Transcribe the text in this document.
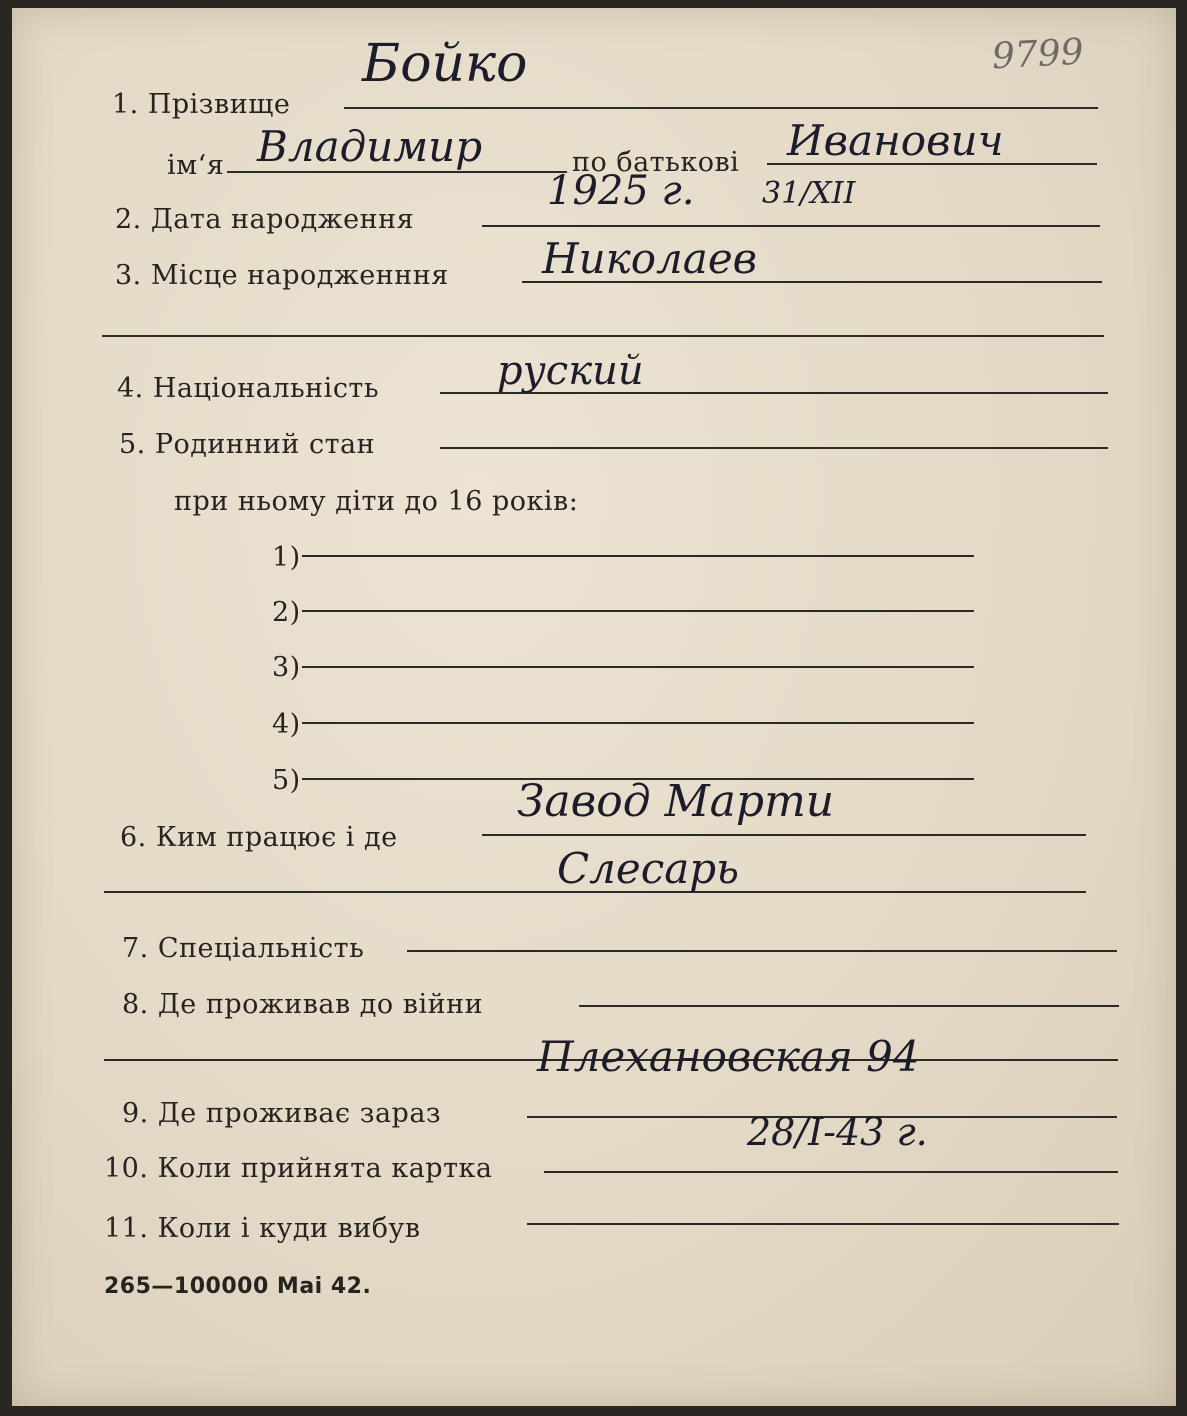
9799
1. Прізвище
Бойко
ім‘я Владимир	по батькові Иванович
2. Дата народження
1925 г. 31/XII
3. Місце народженння Николаев
4. Національність	руский
5. Родинний стан
при ньому діти до 16 років:
1)
2)
3)
4)
5)
6. Ким працює і де
Завод Марти
Слесарь
7. Спеціальність
8. Де проживав до війни
Плехановская 94
9. Де проживає зараз
10. Коли прийнята картка
28/I-43 г.
11. Коли і куди вибув
265—100000 Mai 42.
